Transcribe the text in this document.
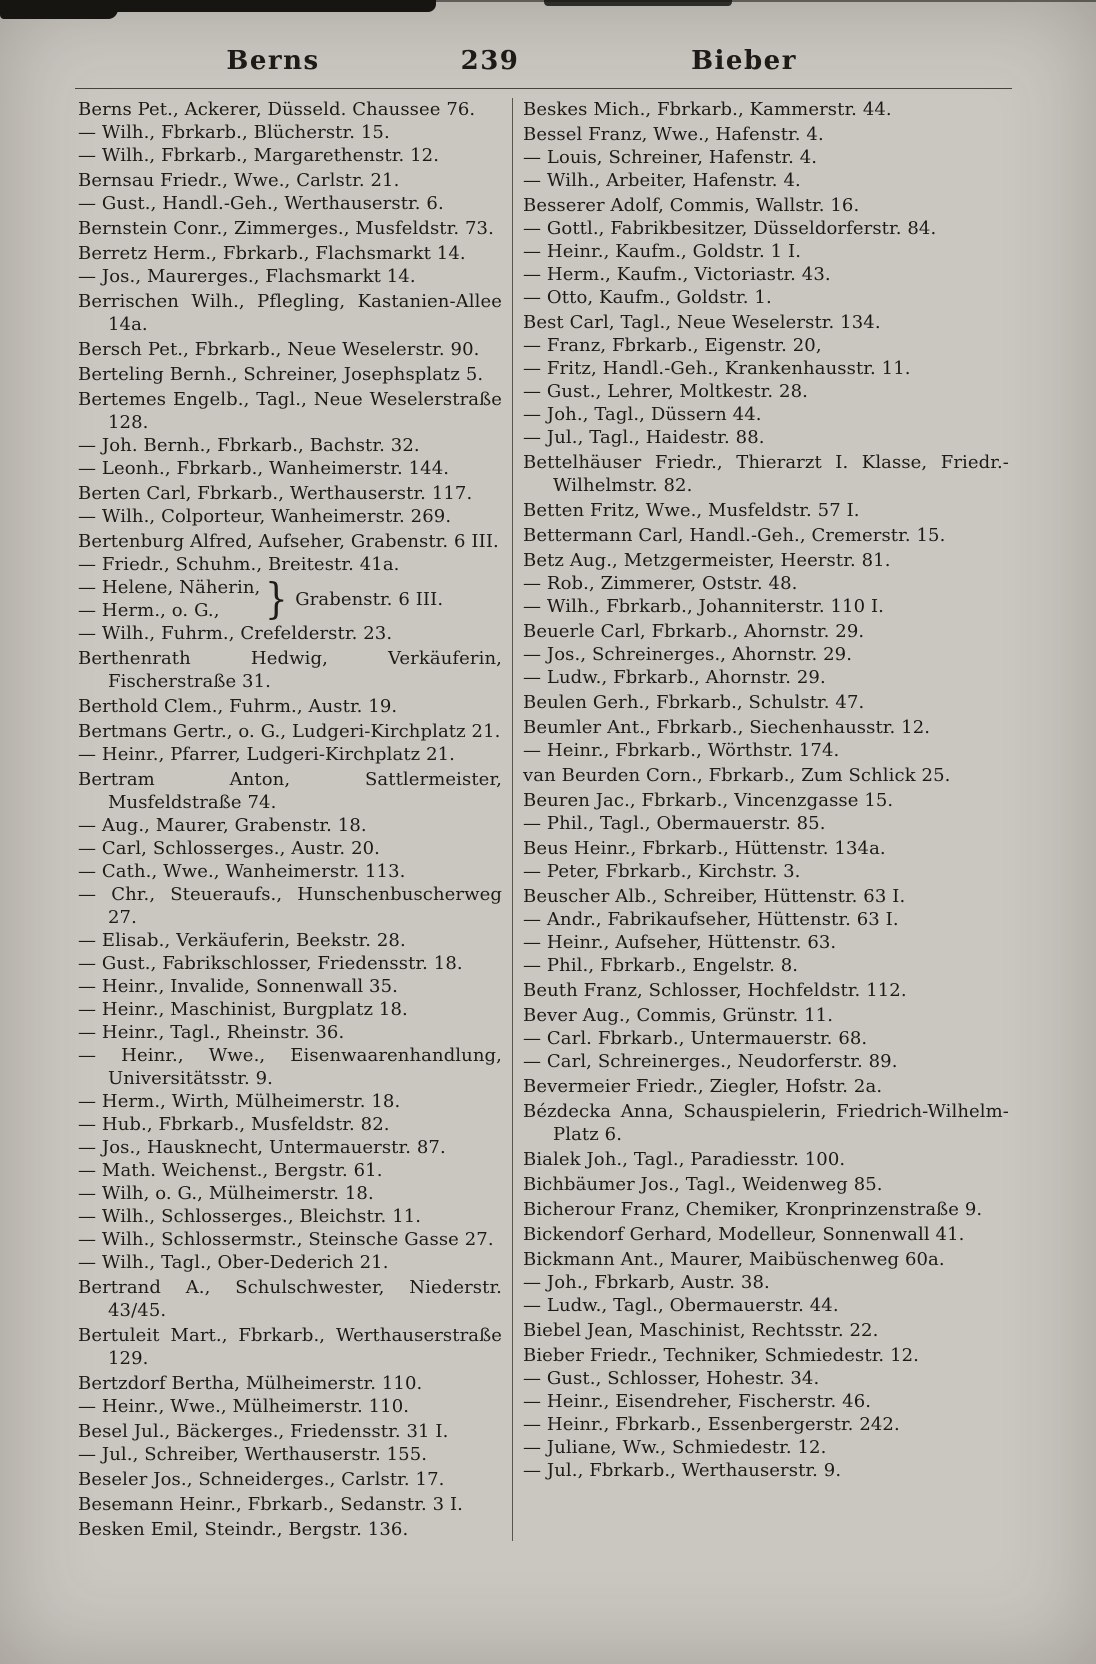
Berns	239	Bieber

Berns Pet., Ackerer, Düsseld. Chaussee 76.

— Wilh., Fbrkarb., Blücherstr. 15.

— Wilh., Fbrkarb., Margarethenstr. 12.

Bernsau Friedr., Wwe., Carlstr. 21.

— Gust., Handl.-Geh., Werthauserstr. 6.

Bernstein Conr., Zimmerges., Musfeldstr. 73.

Berretz Herm., Fbrkarb., Flachsmarkt 14.

— Jos., Maurerges., Flachsmarkt 14.

Berrischen Wilh., Pflegling, Kastanien-Allee 14a.

Bersch Pet., Fbrkarb., Neue Weselerstr. 90.

Berteling Bernh., Schreiner, Josephsplatz 5.

Bertemes Engelb., Tagl., Neue Weselerstraße 128.

— Joh. Bernh., Fbrkarb., Bachstr. 32.

— Leonh., Fbrkarb., Wanheimerstr. 144.

Berten Carl, Fbrkarb., Werthauserstr. 117.

— Wilh., Colporteur, Wanheimerstr. 269.

Bertenburg Alfred, Aufseher, Grabenstr. 6 III.

— Friedr., Schuhm., Breitestr. 41a.

— Helene, Näherin,
— Herm., o. G.,	} Grabenstr. 6 III.

— Wilh., Fuhrm., Crefelderstr. 23.

Berthenrath Hedwig, Verkäuferin, Fischerstraße 31.

Berthold Clem., Fuhrm., Austr. 19.

Bertmans Gertr., o. G., Ludgeri-Kirchplatz 21.

— Heinr., Pfarrer, Ludgeri-Kirchplatz 21.

Bertram Anton, Sattlermeister, Musfeldstraße 74.

— Aug., Maurer, Grabenstr. 18.

— Carl, Schlosserges., Austr. 20.

— Cath., Wwe., Wanheimerstr. 113.

— Chr., Steueraufs., Hunschenbuscherweg 27.

— Elisab., Verkäuferin, Beekstr. 28.

— Gust., Fabrikschlosser, Friedensstr. 18.

— Heinr., Invalide, Sonnenwall 35.

— Heinr., Maschinist, Burgplatz 18.

— Heinr., Tagl., Rheinstr. 36.

— Heinr., Wwe., Eisenwaarenhandlung, Universitätsstr. 9.

— Herm., Wirth, Mülheimerstr. 18.

— Hub., Fbrkarb., Musfeldstr. 82.

— Jos., Hausknecht, Untermauerstr. 87.

— Math. Weichenst., Bergstr. 61.

— Wilh, o. G., Mülheimerstr. 18.

— Wilh., Schlosserges., Bleichstr. 11.

— Wilh., Schlossermstr., Steinsche Gasse 27.

— Wilh., Tagl., Ober-Dederich 21.

Bertrand A., Schulschwester, Niederstr. 43/45.

Bertuleit Mart., Fbrkarb., Werthauserstraße 129.

Bertzdorf Bertha, Mülheimerstr. 110.

— Heinr., Wwe., Mülheimerstr. 110.

Besel Jul., Bäckerges., Friedensstr. 31 I.

— Jul., Schreiber, Werthauserstr. 155.

Beseler Jos., Schneiderges., Carlstr. 17.

Besemann Heinr., Fbrkarb., Sedanstr. 3 I.

Besken Emil, Steindr., Bergstr. 136.

Beskes Mich., Fbrkarb., Kammerstr. 44.

Bessel Franz, Wwe., Hafenstr. 4.

— Louis, Schreiner, Hafenstr. 4.

— Wilh., Arbeiter, Hafenstr. 4.

Besserer Adolf, Commis, Wallstr. 16.

— Gottl., Fabrikbesitzer, Düsseldorferstr. 84.

— Heinr., Kaufm., Goldstr. 1 I.

— Herm., Kaufm., Victoriastr. 43.

— Otto, Kaufm., Goldstr. 1.

Best Carl, Tagl., Neue Weselerstr. 134.

— Franz, Fbrkarb., Eigenstr. 20,

— Fritz, Handl.-Geh., Krankenhausstr. 11.

— Gust., Lehrer, Moltkestr. 28.

— Joh., Tagl., Düssern 44.

— Jul., Tagl., Haidestr. 88.

Bettelhäuser Friedr., Thierarzt I. Klasse, Friedr.-Wilhelmstr. 82.

Betten Fritz, Wwe., Musfeldstr. 57 I.

Bettermann Carl, Handl.-Geh., Cremerstr. 15.

Betz Aug., Metzgermeister, Heerstr. 81.

— Rob., Zimmerer, Oststr. 48.

— Wilh., Fbrkarb., Johanniterstr. 110 I.

Beuerle Carl, Fbrkarb., Ahornstr. 29.

— Jos., Schreinerges., Ahornstr. 29.

— Ludw., Fbrkarb., Ahornstr. 29.

Beulen Gerh., Fbrkarb., Schulstr. 47.

Beumler Ant., Fbrkarb., Siechenhausstr. 12.

— Heinr., Fbrkarb., Wörthstr. 174.

van Beurden Corn., Fbrkarb., Zum Schlick 25.

Beuren Jac., Fbrkarb., Vincenzgasse 15.

— Phil., Tagl., Obermauerstr. 85.

Beus Heinr., Fbrkarb., Hüttenstr. 134a.

— Peter, Fbrkarb., Kirchstr. 3.

Beuscher Alb., Schreiber, Hüttenstr. 63 I.

— Andr., Fabrikaufseher, Hüttenstr. 63 I.

— Heinr., Aufseher, Hüttenstr. 63.

— Phil., Fbrkarb., Engelstr. 8.

Beuth Franz, Schlosser, Hochfeldstr. 112.

Bever Aug., Commis, Grünstr. 11.

— Carl. Fbrkarb., Untermauerstr. 68.

— Carl, Schreinerges., Neudorferstr. 89.

Bevermeier Friedr., Ziegler, Hofstr. 2a.

Bézdecka Anna, Schauspielerin, Friedrich-Wilhelm-Platz 6.

Bialek Joh., Tagl., Paradiesstr. 100.

Bichbäumer Jos., Tagl., Weidenweg 85.

Bicherour Franz, Chemiker, Kronprinzenstraße 9.

Bickendorf Gerhard, Modelleur, Sonnenwall 41.

Bickmann Ant., Maurer, Maibüschenweg 60a.

— Joh., Fbrkarb, Austr. 38.

— Ludw., Tagl., Obermauerstr. 44.

Biebel Jean, Maschinist, Rechtsstr. 22.

Bieber Friedr., Techniker, Schmiedestr. 12.

— Gust., Schlosser, Hohestr. 34.

— Heinr., Eisendreher, Fischerstr. 46.

— Heinr., Fbrkarb., Essenbergerstr. 242.

— Juliane, Ww., Schmiedestr. 12.

— Jul., Fbrkarb., Werthauserstr. 9.
